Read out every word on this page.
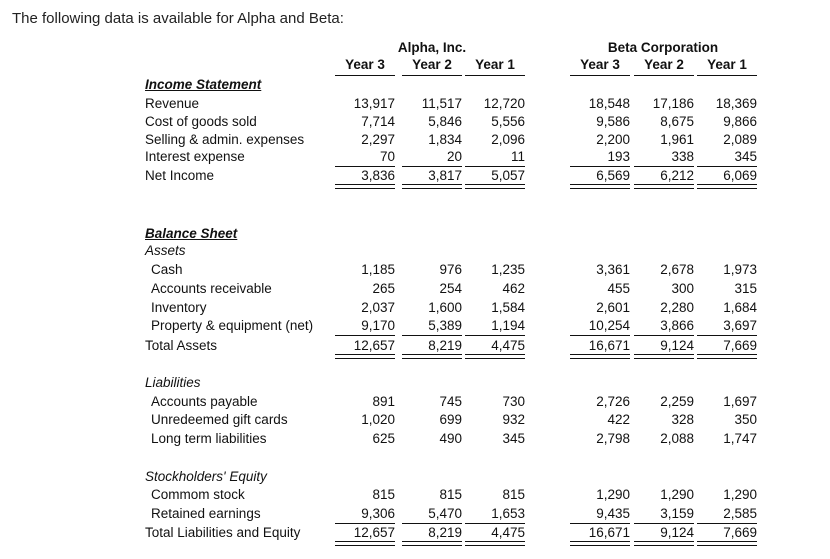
The following data is available for Alpha and Beta:
Alpha, Inc.	Beta Corporation
Year 3	Year 2	Year 1	Year 3	Year 2	Year 1
Income Statement
Balance Sheet
Assets
Liabilities
Stockholders' Equity
Revenue	13,917	11,517	12,720	18,548	17,186	18,369
Cost of goods sold	7,714	5,846	5,556	9,586	8,675	9,866
Selling & admin. expenses	2,297	1,834	2,096	2,200	1,961	2,089
Interest expense	70	20	11	193	338	345
Net Income	3,836	3,817	5,057	6,569	6,212	6,069
Cash	1,185	976	1,235	3,361	2,678	1,973
Accounts receivable	265	254	462	455	300	315
Inventory	2,037	1,600	1,584	2,601	2,280	1,684
Property & equipment (net)	9,170	5,389	1,194	10,254	3,866	3,697
Total Assets	12,657	8,219	4,475	16,671	9,124	7,669
Accounts payable	891	745	730	2,726	2,259	1,697
Unredeemed gift cards	1,020	699	932	422	328	350
Long term liabilities	625	490	345	2,798	2,088	1,747
Commom stock	815	815	815	1,290	1,290	1,290
Retained earnings	9,306	5,470	1,653	9,435	3,159	2,585
Total Liabilities and Equity	12,657	8,219	4,475	16,671	9,124	7,669
